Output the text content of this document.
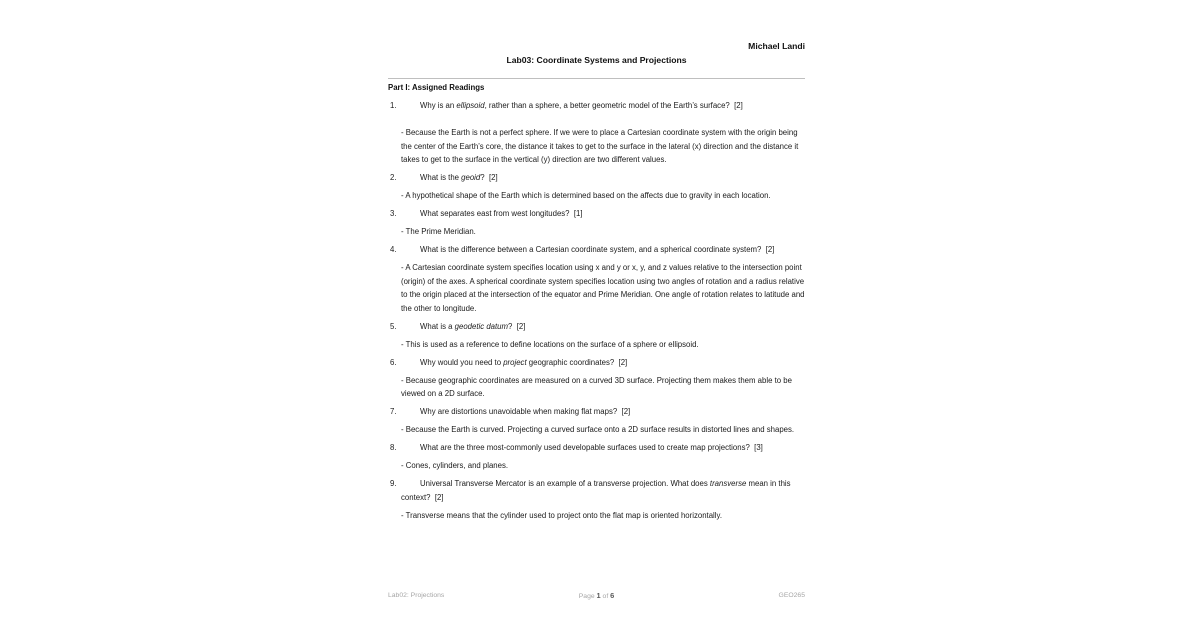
Michael Landi
Lab03: Coordinate Systems and Projections
Part I: Assigned Readings
1.	Why is an ellipsoid, rather than a sphere, a better geometric model of the Earth’s surface? [2]
- Because the Earth is not a perfect sphere. If we were to place a Cartesian coordinate system with the origin being the center of the Earth’s core, the distance it takes to get to the surface in the lateral (x) direction and the distance it takes to get to the surface in the vertical (y) direction are two different values.
2.	What is the geoid? [2]
- A hypothetical shape of the Earth which is determined based on the affects due to gravity in each location.
3.	What separates east from west longitudes? [1]
- The Prime Meridian.
4.	What is the difference between a Cartesian coordinate system, and a spherical coordinate system? [2]
- A Cartesian coordinate system specifies location using x and y or x, y, and z values relative to the intersection point (origin) of the axes. A spherical coordinate system specifies location using two angles of rotation and a radius relative to the origin placed at the intersection of the equator and Prime Meridian. One angle of rotation relates to latitude and the other to longitude.
5.	What is a geodetic datum? [2]
- This is used as a reference to define locations on the surface of a sphere or ellipsoid.
6.	Why would you need to project geographic coordinates? [2]
- Because geographic coordinates are measured on a curved 3D surface. Projecting them makes them able to be viewed on a 2D surface.
7.	Why are distortions unavoidable when making flat maps? [2]
- Because the Earth is curved. Projecting a curved surface onto a 2D surface results in distorted lines and shapes.
8.	What are the three most-commonly used developable surfaces used to create map projections? [3]
- Cones, cylinders, and planes.
9.	Universal Transverse Mercator is an example of a transverse projection. What does transverse mean in this context? [2]
- Transverse means that the cylinder used to project onto the flat map is oriented horizontally.
Lab02: Projections	Page 1 of 6	GEO265
